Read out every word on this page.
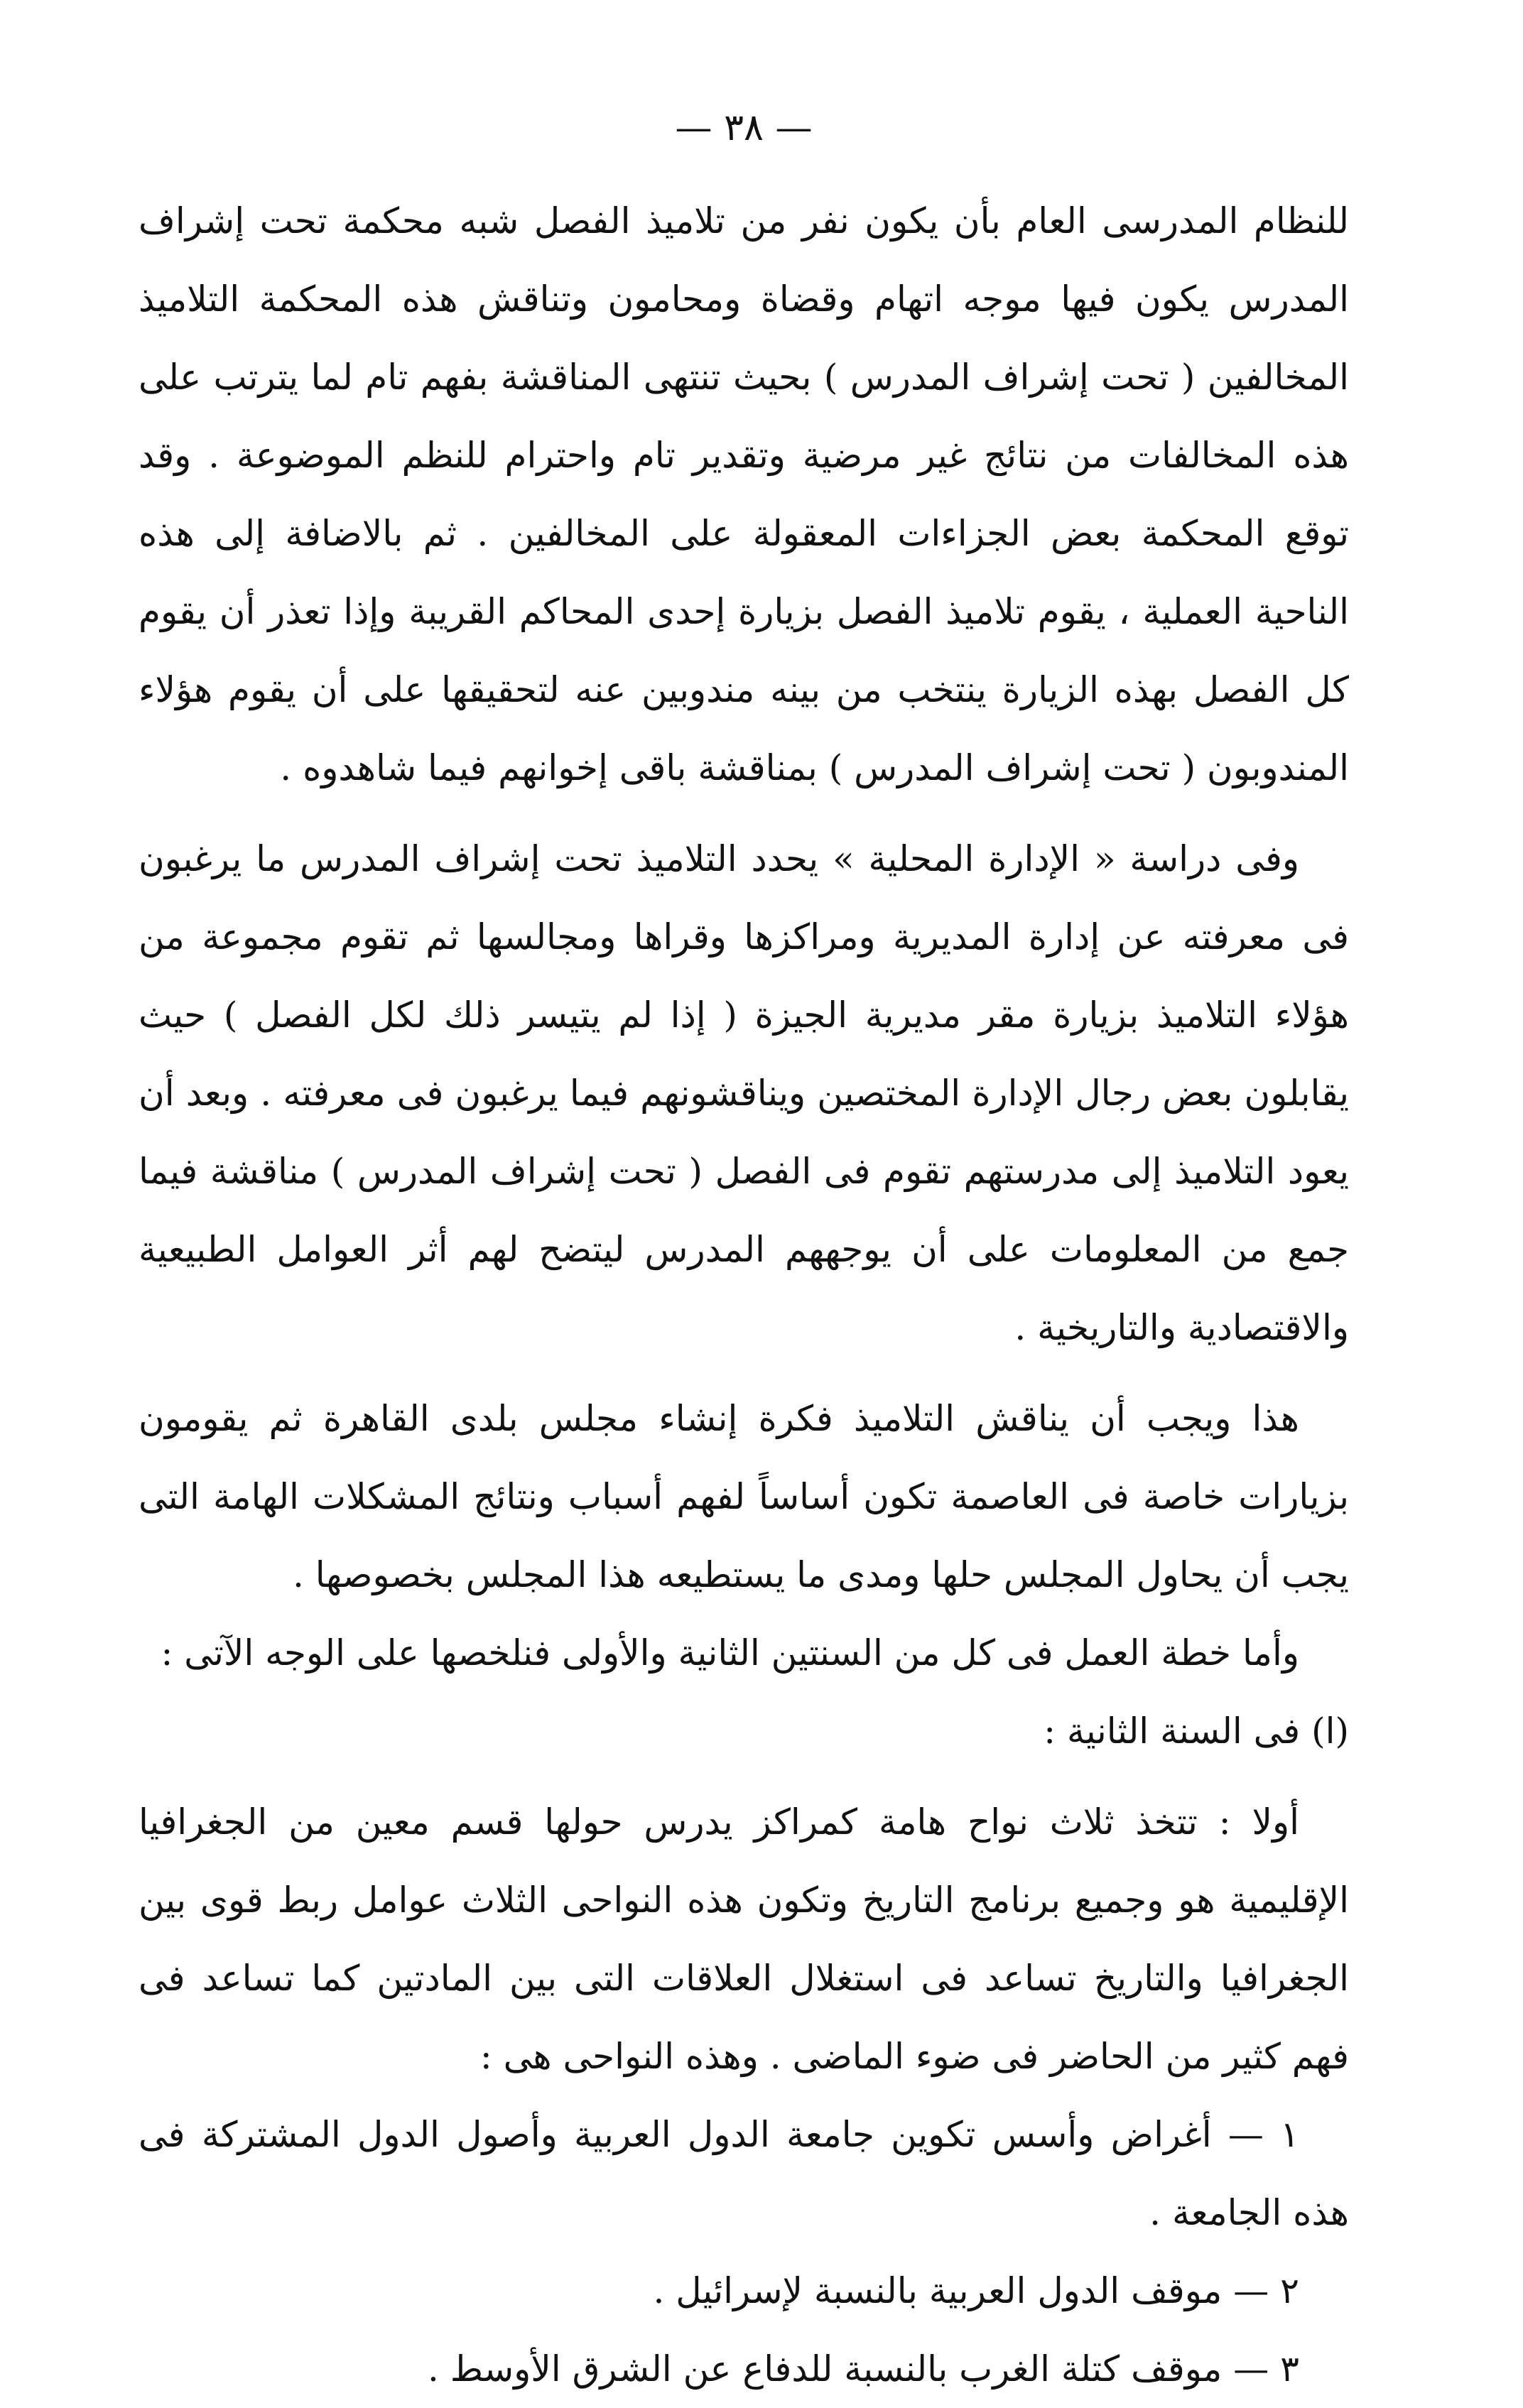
— ٣٨ —

للنظام المدرسى العام بأن يكون نفر من تلاميذ الفصل شبه محكمة تحت إشراف المدرس يكون فيها موجه اتهام وقضاة ومحامون وتناقش هذه المحكمة التلاميذ المخالفين ( تحت إشراف المدرس ) بحيث تنتهى المناقشة بفهم تام لما يترتب على هذه المخالفات من نتائج غير مرضية وتقدير تام واحترام للنظم الموضوعة . وقد توقع المحكمة بعض الجزاءات المعقولة على المخالفين . ثم بالاضافة إلى هذه الناحية العملية ، يقوم تلاميذ الفصل بزيارة إحدى المحاكم القريبة وإذا تعذر أن يقوم كل الفصل بهذه الزيارة ينتخب من بينه مندوبين عنه لتحقيقها على أن يقوم هؤلاء المندوبون ( تحت إشراف المدرس ) بمناقشة باقى إخوانهم فيما شاهدوه .

وفى دراسة « الإدارة المحلية » يحدد التلاميذ تحت إشراف المدرس ما يرغبون فى معرفته عن إدارة المديرية ومراكزها وقراها ومجالسها ثم تقوم مجموعة من هؤلاء التلاميذ بزيارة مقر مديرية الجيزة ( إذا لم يتيسر ذلك لكل الفصل ) حيث يقابلون بعض رجال الإدارة المختصين ويناقشونهم فيما يرغبون فى معرفته . وبعد أن يعود التلاميذ إلى مدرستهم تقوم فى الفصل ( تحت إشراف المدرس ) مناقشة فيما جمع من المعلومات على أن يوجههم المدرس ليتضح لهم أثر العوامل الطبيعية والاقتصادية والتاريخية .

هذا ويجب أن يناقش التلاميذ فكرة إنشاء مجلس بلدى القاهرة ثم يقومون بزيارات خاصة فى العاصمة تكون أساساً لفهم أسباب ونتائج المشكلات الهامة التى يجب أن يحاول المجلس حلها ومدى ما يستطيعه هذا المجلس بخصوصها .

وأما خطة العمل فى كل من السنتين الثانية والأولى فنلخصها على الوجه الآتى :

(ا) فى السنة الثانية :

أولا : تتخذ ثلاث نواح هامة كمراكز يدرس حولها قسم معين من الجغرافيا الإقليمية هو وجميع برنامج التاريخ وتكون هذه النواحى الثلاث عوامل ربط قوى بين الجغرافيا والتاريخ تساعد فى استغلال العلاقات التى بين المادتين كما تساعد فى فهم كثير من الحاضر فى ضوء الماضى . وهذه النواحى هى :

١ — أغراض وأسس تكوين جامعة الدول العربية وأصول الدول المشتركة فى هذه الجامعة .

٢ — موقف الدول العربية بالنسبة لإسرائيل .

٣ — موقف كتلة الغرب بالنسبة للدفاع عن الشرق الأوسط .
